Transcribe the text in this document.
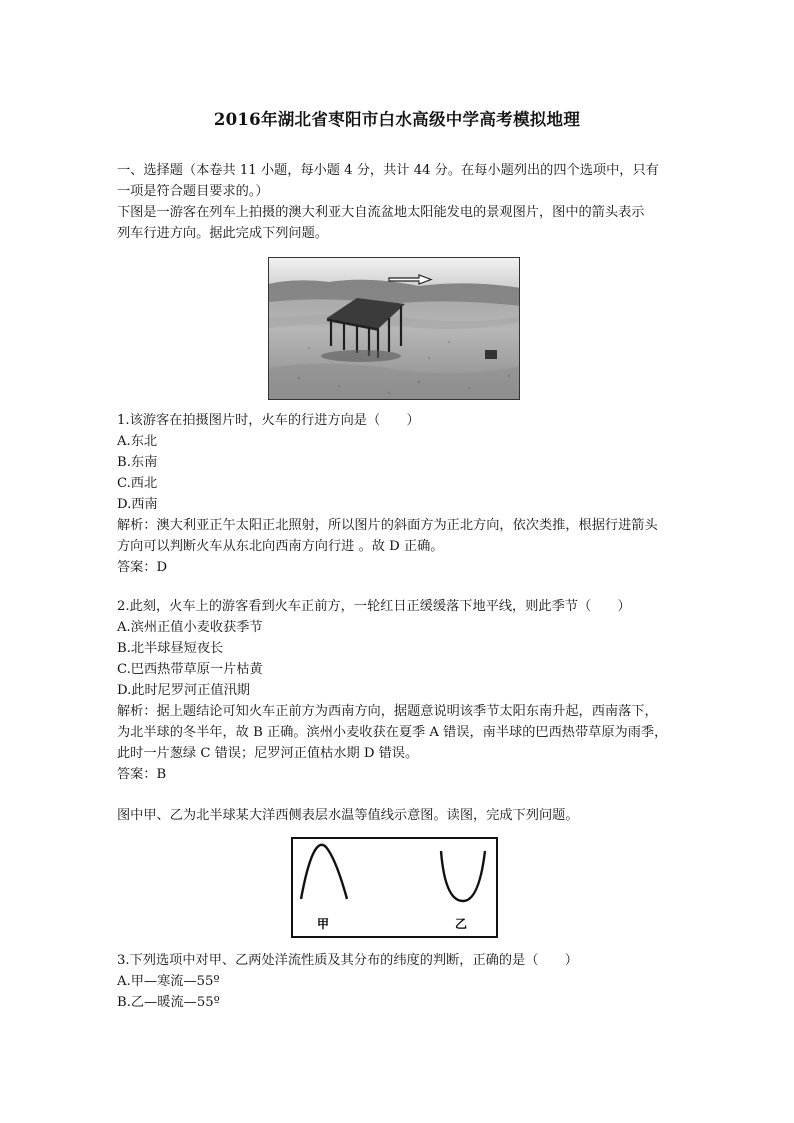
2016年湖北省枣阳市白水高级中学高考模拟地理
一、选择题（本卷共 11 小题，每小题 4 分，共计 44 分。在每小题列出的四个选项中，只有
一项是符合题目要求的。）
下图是一游客在列车上拍摄的澳大利亚大自流盆地太阳能发电的景观图片，图中的箭头表示
列车行进方向。据此完成下列问题。
1.该游客在拍摄图片时，火车的行进方向是（　　）
A.东北
B.东南
C.西北
D.西南
解析：澳大利亚正午太阳正北照射，所以图片的斜面方为正北方向，依次类推，根据行进箭头
方向可以判断火车从东北向西南方向行进 。故 D 正确。
答案：D
2.此刻，火车上的游客看到火车正前方，一轮红日正缓缓落下地平线，则此季节（　　）
A.滨州正值小麦收获季节
B.北半球昼短夜长
C.巴西热带草原一片枯黄
D.此时尼罗河正值汛期
解析：据上题结论可知火车正前方为西南方向，据题意说明该季节太阳东南升起，西南落下，
为北半球的冬半年，故 B 正确。滨州小麦收获在夏季 A 错误，南半球的巴西热带草原为雨季，
此时一片葱绿 C 错误；尼罗河正值枯水期 D 错误。
答案：B
图中甲、乙为北半球某大洋西侧表层水温等值线示意图。读图，完成下列问题。
甲	乙
3.下列选项中对甲、乙两处洋流性质及其分布的纬度的判断，正确的是（　　）
A.甲—寒流—55º
B.乙—暖流—55º
